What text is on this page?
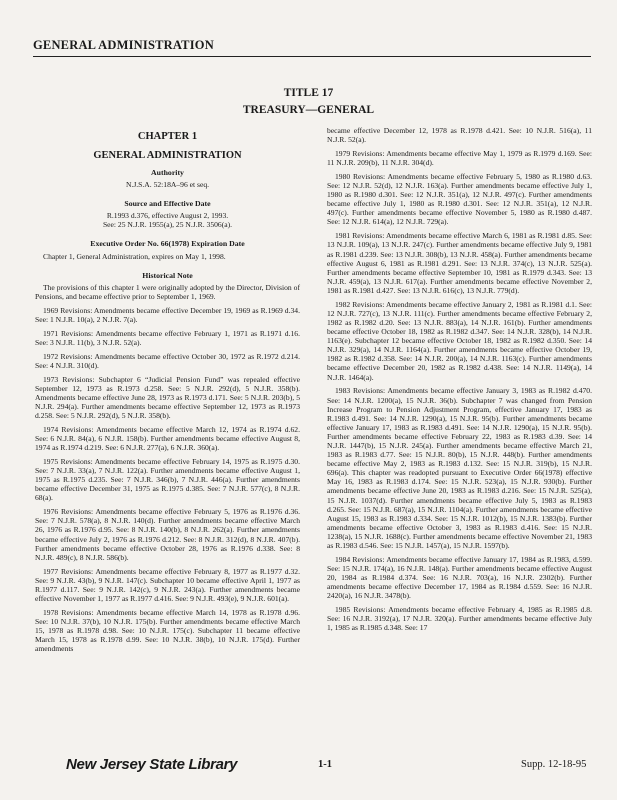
GENERAL ADMINISTRATION
TITLE 17
TREASURY—GENERAL
CHAPTER 1
GENERAL ADMINISTRATION
Authority

N.J.S.A. 52:18A–96 et seq.

Source and Effective Date

R.1993 d.376, effective August 2, 1993.
See: 25 N.J.R. 1955(a), 25 N.J.R. 3506(a).

Executive Order No. 66(1978) Expiration Date

Chapter 1, General Administration, expires on May 1, 1998.

Historical Note

The provisions of this chapter 1 were originally adopted by the Director, Division of Pensions, and became effective prior to September 1, 1969.

1969 Revisions: Amendments became effective December 19, 1969 as R.1969 d.34. See: 1 N.J.R. 10(a), 2 N.J.R. 7(a).

1971 Revisions: Amendments became effective February 1, 1971 as R.1971 d.16. See: 3 N.J.R. 11(b), 3 N.J.R. 52(a).

1972 Revisions: Amendments became effective October 30, 1972 as R.1972 d.214. See: 4 N.J.R. 310(d).

1973 Revisions: Subchapter 6 “Judicial Pension Fund” was repealed effective September 12, 1973 as R.1973 d.258. See: 5 N.J.R. 292(d), 5 N.J.R. 358(b). Amendments became effective June 28, 1973 as R.1973 d.171. See: 5 N.J.R. 203(b), 5 N.J.R. 294(a). Further amendments became effective September 12, 1973 as R.1973 d.258. See: 5 N.J.R. 292(d), 5 N.J.R. 358(b).

1974 Revisions: Amendments became effective March 12, 1974 as R.1974 d.62. See: 6 N.J.R. 84(a), 6 N.J.R. 158(b). Further amendments became effective August 8, 1974 as R.1974 d.219. See: 6 N.J.R. 277(a), 6 N.J.R. 360(a).

1975 Revisions: Amendments became effective February 14, 1975 as R.1975 d.30. See: 7 N.J.R. 33(a), 7 N.J.R. 122(a). Further amendments became effective August 1, 1975 as R.1975 d.235. See: 7 N.J.R. 346(b), 7 N.J.R. 446(a). Further amendments became effective December 31, 1975 as R.1975 d.385. See: 7 N.J.R. 577(c), 8 N.J.R. 68(a).

1976 Revisions: Amendments became effective February 5, 1976 as R.1976 d.36. See: 7 N.J.R. 578(a), 8 N.J.R. 140(d). Further amendments became effective March 26, 1976 as R.1976 d.95. See: 8 N.J.R. 140(b), 8 N.J.R. 262(a). Further amendments became effective July 2, 1976 as R.1976 d.212. See: 8 N.J.R. 312(d), 8 N.J.R. 407(b). Further amendments became effective October 28, 1976 as R.1976 d.338. See: 8 N.J.R. 489(c), 8 N.J.R. 586(b).

1977 Revisions: Amendments became effective February 8, 1977 as R.1977 d.32. See: 9 N.J.R. 43(b), 9 N.J.R. 147(c). Subchapter 10 became effective April 1, 1977 as R.1977 d.117. See: 9 N.J.R. 142(c), 9 N.J.R. 243(a). Further amendments became effective November 1, 1977 as R.1977 d.416. See: 9 N.J.R. 493(e), 9 N.J.R. 601(a).

1978 Revisions: Amendments became effective March 14, 1978 as R.1978 d.96. See: 10 N.J.R. 37(b), 10 N.J.R. 175(b). Further amendments became effective March 15, 1978 as R.1978 d.98. See: 10 N.J.R. 175(c). Subchapter 11 became effective March 15, 1978 as R.1978 d.99. See: 10 N.J.R. 38(b), 10 N.J.R. 175(d). Further amendments

became effective December 12, 1978 as R.1978 d.421. See: 10 N.J.R. 516(a), 11 N.J.R. 52(a).

1979 Revisions: Amendments became effective May 1, 1979 as R.1979 d.169. See: 11 N.J.R. 209(b), 11 N.J.R. 304(d).

1980 Revisions: Amendments became effective February 5, 1980 as R.1980 d.63. See: 12 N.J.R. 52(d), 12 N.J.R. 163(a). Further amendments became effective July 1, 1980 as R.1980 d.301. See: 12 N.J.R. 351(a), 12 N.J.R. 497(c). Further amendments became effective July 1, 1980 as R.1980 d.301. See: 12 N.J.R. 351(a), 12 N.J.R. 497(c). Further amendments became effective November 5, 1980 as R.1980 d.487. See: 12 N.J.R. 614(a), 12 N.J.R. 729(a).

1981 Revisions: Amendments became effective March 6, 1981 as R.1981 d.85. See: 13 N.J.R. 109(a), 13 N.J.R. 247(c). Further amendments became effective July 9, 1981 as R.1981 d.239. See: 13 N.J.R. 308(b), 13 N.J.R. 458(a). Further amendments became effective August 6, 1981 as R.1981 d.291. See: 13 N.J.R. 374(c), 13 N.J.R. 525(a). Further amendments became effective September 10, 1981 as R.1979 d.343. See: 13 N.J.R. 459(a), 13 N.J.R. 617(a). Further amendments became effective November 2, 1981 as R.1981 d.427. See: 13 N.J.R. 616(c), 13 N.J.R. 779(d).

1982 Revisions: Amendments became effective January 2, 1981 as R.1981 d.1. See: 12 N.J.R. 727(c), 13 N.J.R. 111(c). Further amendments became effective February 2, 1982 as R.1982 d.20. See: 13 N.J.R. 883(a), 14 N.J.R. 161(b). Further amendments became effective October 18, 1982 as R.1982 d.347. See: 14 N.J.R. 328(b), 14 N.J.R. 1163(e). Subchapter 12 became effective October 18, 1982 as R.1982 d.350. See: 14 N.J.R. 329(a), 14 N.J.R. 1164(a). Further amendments became effective October 19, 1982 as R.1982 d.358. See: 14 N.J.R. 200(a), 14 N.J.R. 1163(c). Further amendments became effective December 20, 1982 as R.1982 d.438. See: 14 N.J.R. 1149(a), 14 N.J.R. 1464(a).

1983 Revisions: Amendments became effective January 3, 1983 as R.1982 d.470. See: 14 N.J.R. 1200(a), 15 N.J.R. 36(b). Subchapter 7 was changed from Pension Increase Program to Pension Adjustment Program, effective January 17, 1983 as R.1983 d.491. See: 14 N.J.R. 1290(a), 15 N.J.R. 95(b). Further amendments became effective January 17, 1983 as R.1983 d.491. See: 14 N.J.R. 1290(a), 15 N.J.R. 95(b). Further amendments became effective February 22, 1983 as R.1983 d.39. See: 14 N.J.R. 1447(b), 15 N.J.R. 245(a). Further amendments became effective March 21, 1983 as R.1983 d.77. See: 15 N.J.R. 80(b), 15 N.J.R. 448(b). Further amendments became effective May 2, 1983 as R.1983 d.132. See: 15 N.J.R. 319(b), 15 N.J.R. 696(a). This chapter was readopted pursuant to Executive Order 66(1978) effective May 16, 1983 as R.1983 d.174. See: 15 N.J.R. 523(a), 15 N.J.R. 930(b). Further amendments became effective June 20, 1983 as R.1983 d.216. See: 15 N.J.R. 525(a), 15 N.J.R. 1037(d). Further amendments became effective July 5, 1983 as R.1983 d.265. See: 15 N.J.R. 687(a), 15 N.J.R. 1104(a). Further amendments became effective August 15, 1983 as R.1983 d.334. See: 15 N.J.R. 1012(b), 15 N.J.R. 1383(b). Further amendments became effective October 3, 1983 as R.1983 d.416. See: 15 N.J.R. 1238(a), 15 N.J.R. 1688(c). Further amendments became effective November 21, 1983 as R.1983 d.546. See: 15 N.J.R. 1457(a), 15 N.J.R. 1597(b).

1984 Revisions: Amendments became effective January 17, 1984 as R.1983, d.599. See: 15 N.J.R. 174(a), 16 N.J.R. 148(a). Further amendments became effective August 20, 1984 as R.1984 d.374. See: 16 N.J.R. 703(a), 16 N.J.R. 2302(b). Further amendments became effective December 17, 1984 as R.1984 d.559. See: 16 N.J.R. 2420(a), 16 N.J.R. 3478(b).

1985 Revisions: Amendments became effective February 4, 1985 as R.1985 d.8. See: 16 N.J.R. 3192(a), 17 N.J.R. 320(a). Further amendments became effective July 1, 1985 as R.1985 d.348. See: 17

New Jersey State Library	1-1	Supp. 12-18-95
